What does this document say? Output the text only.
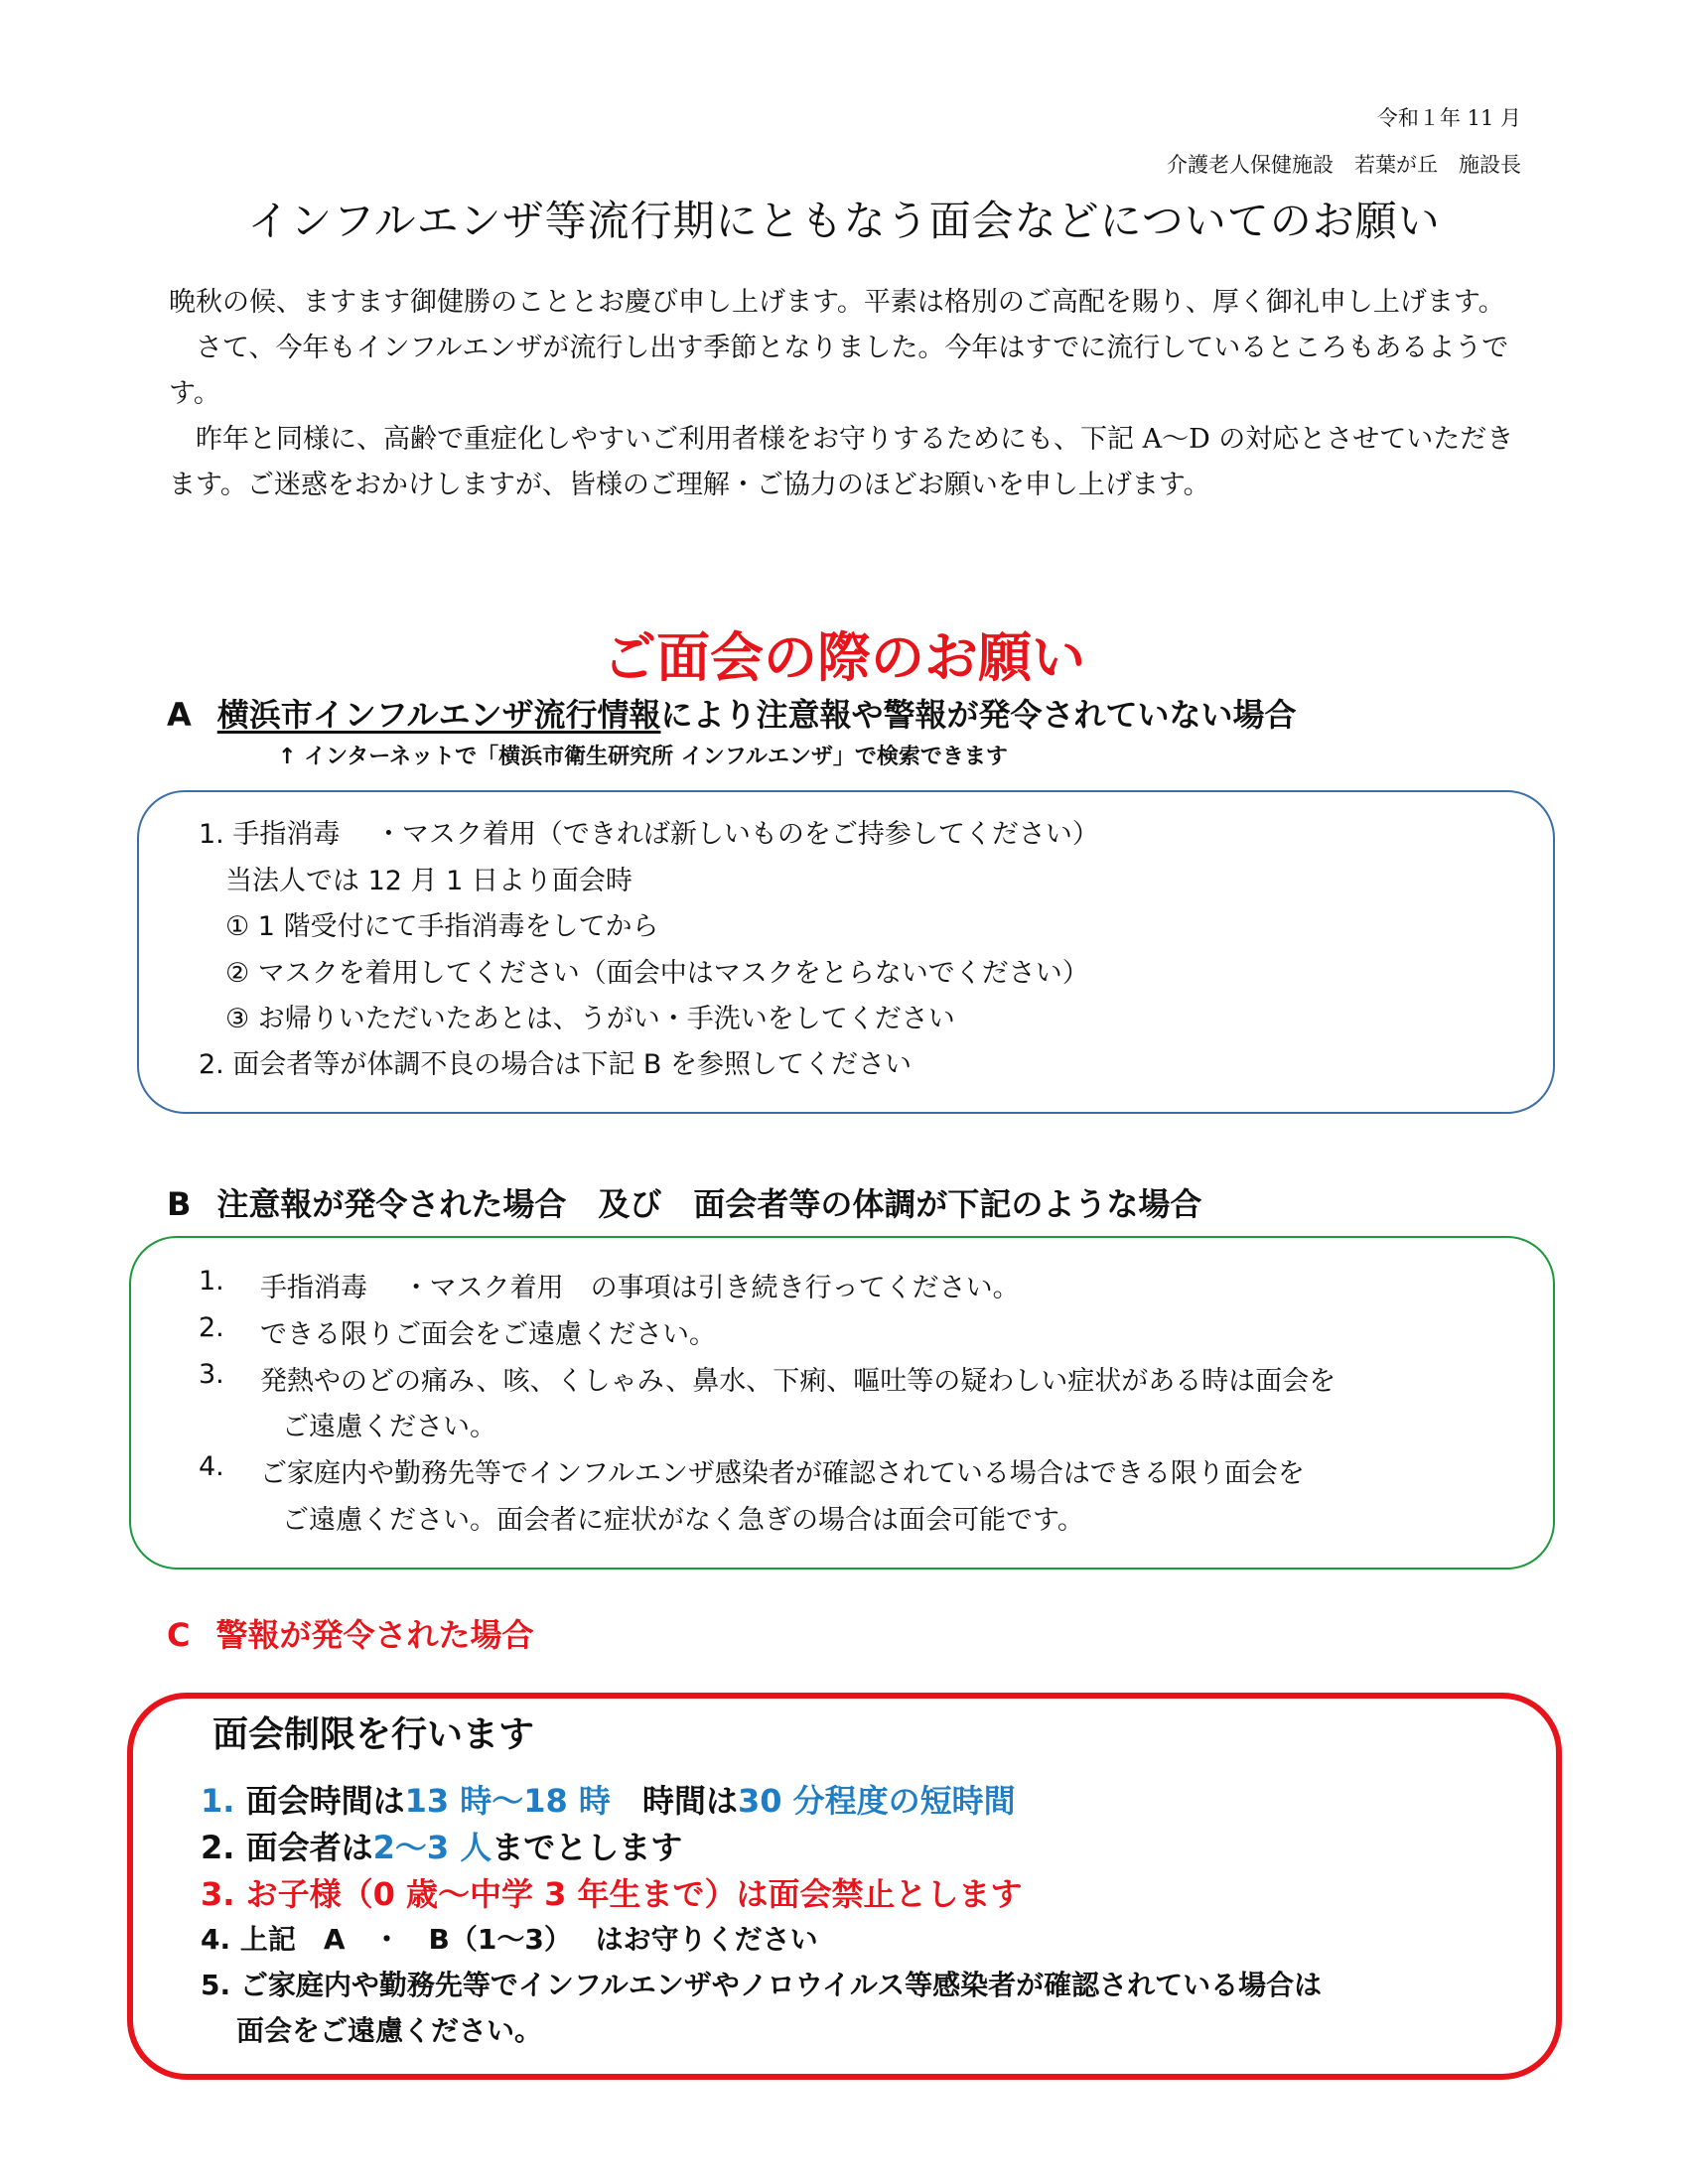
令和１年 11 月
介護老人保健施設　若葉が丘　施設長
インフルエンザ等流行期にともなう面会などについてのお願い

晩秋の候、ますます御健勝のこととお慶び申し上げます。平素は格別のご高配を賜り、厚く御礼申し上げます。

さて、今年もインフルエンザが流行し出す季節となりました。今年はすでに流行しているところもあるようです。

昨年と同様に、高齢で重症化しやすいご利用者様をお守りするためにも、下記 A〜D の対応とさせていただきます。ご迷惑をおかけしますが、皆様のご理解・ご協力のほどお願いを申し上げます。

ご面会の際のお願い
A 横浜市インフルエンザ流行情報により注意報や警報が発令されていない場合
↑ インターネットで「横浜市衛生研究所 インフルエンザ」で検索できます
1. 手指消毒　 ・マスク着用（できれば新しいものをご持参してください）
　当法人では 12 月 1 日より面会時
　① 1 階受付にて手指消毒をしてから
　② マスクを着用してください（面会中はマスクをとらないでください）
　③ お帰りいただいたあとは、うがい・手洗いをしてください
2. 面会者等が体調不良の場合は下記 B を参照してください
B 注意報が発令された場合　及び　面会者等の体調が下記のような場合
1. 手指消毒　 ・マスク着用　の事項は引き続き行ってください。
2. できる限りご面会をご遠慮ください。
3. 発熱やのどの痛み、咳、くしゃみ、鼻水、下痢、嘔吐等の疑わしい症状がある時は面会を
ご遠慮ください。
4. ご家庭内や勤務先等でインフルエンザ感染者が確認されている場合はできる限り面会を
ご遠慮ください。面会者に症状がなく急ぎの場合は面会可能です。
C 警報が発令された場合
面会制限を行います
1. 面会時間は13 時〜18 時　時間は30 分程度の短時間
2. 面会者は2〜3 人までとします
3. お子様（0 歳〜中学 3 年生まで）は面会禁止とします
4. 上記　A　・　B（1〜3）　 はお守りください
5. ご家庭内や勤務先等でインフルエンザやノロウイルス等感染者が確認されている場合は
面会をご遠慮ください。
